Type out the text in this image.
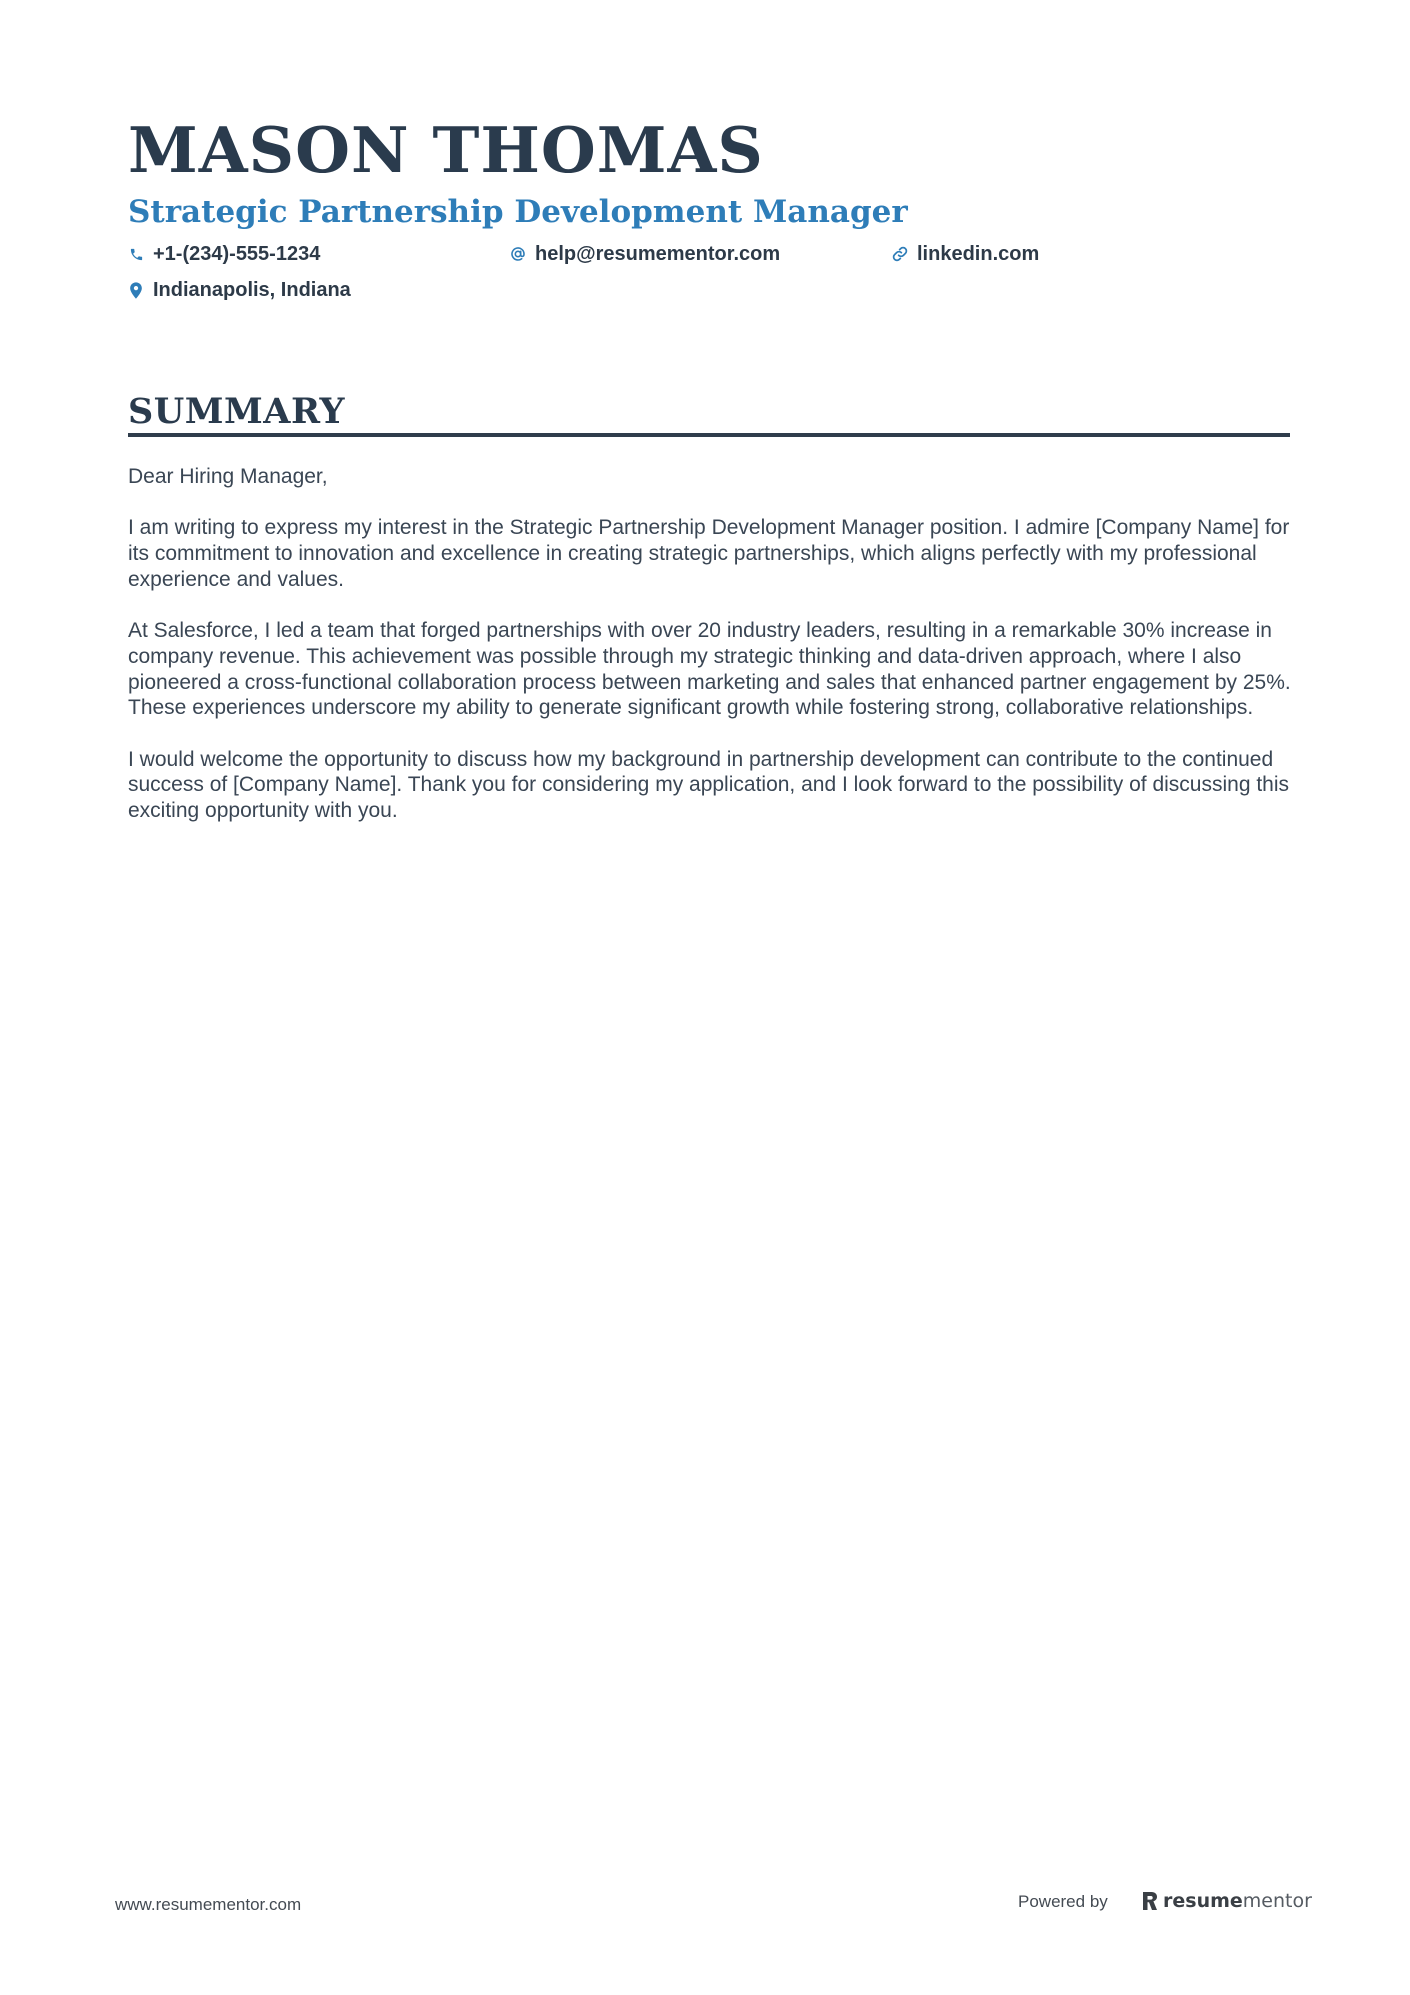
MASON THOMAS
Strategic Partnership Development Manager
+1-(234)-555-1234	help@resumementor.com	linkedin.com
Indianapolis, Indiana
SUMMARY

Dear Hiring Manager,

I am writing to express my interest in the Strategic Partnership Development Manager position. I admire [Company Name] for its commitment to innovation and excellence in creating strategic partnerships, which aligns perfectly with my professional experience and values.

At Salesforce, I led a team that forged partnerships with over 20 industry leaders, resulting in a remarkable 30% increase in company revenue. This achievement was possible through my strategic thinking and data-driven approach, where I also pioneered a cross-functional collaboration process between marketing and sales that enhanced partner engagement by 25%. These experiences underscore my ability to generate significant growth while fostering strong, collaborative relationships.

I would welcome the opportunity to discuss how my background in partnership development can contribute to the continued success of [Company Name]. Thank you for considering my application, and I look forward to the possibility of discussing this exciting opportunity with you.

www.resumementor.com	Powered by	resumementor
